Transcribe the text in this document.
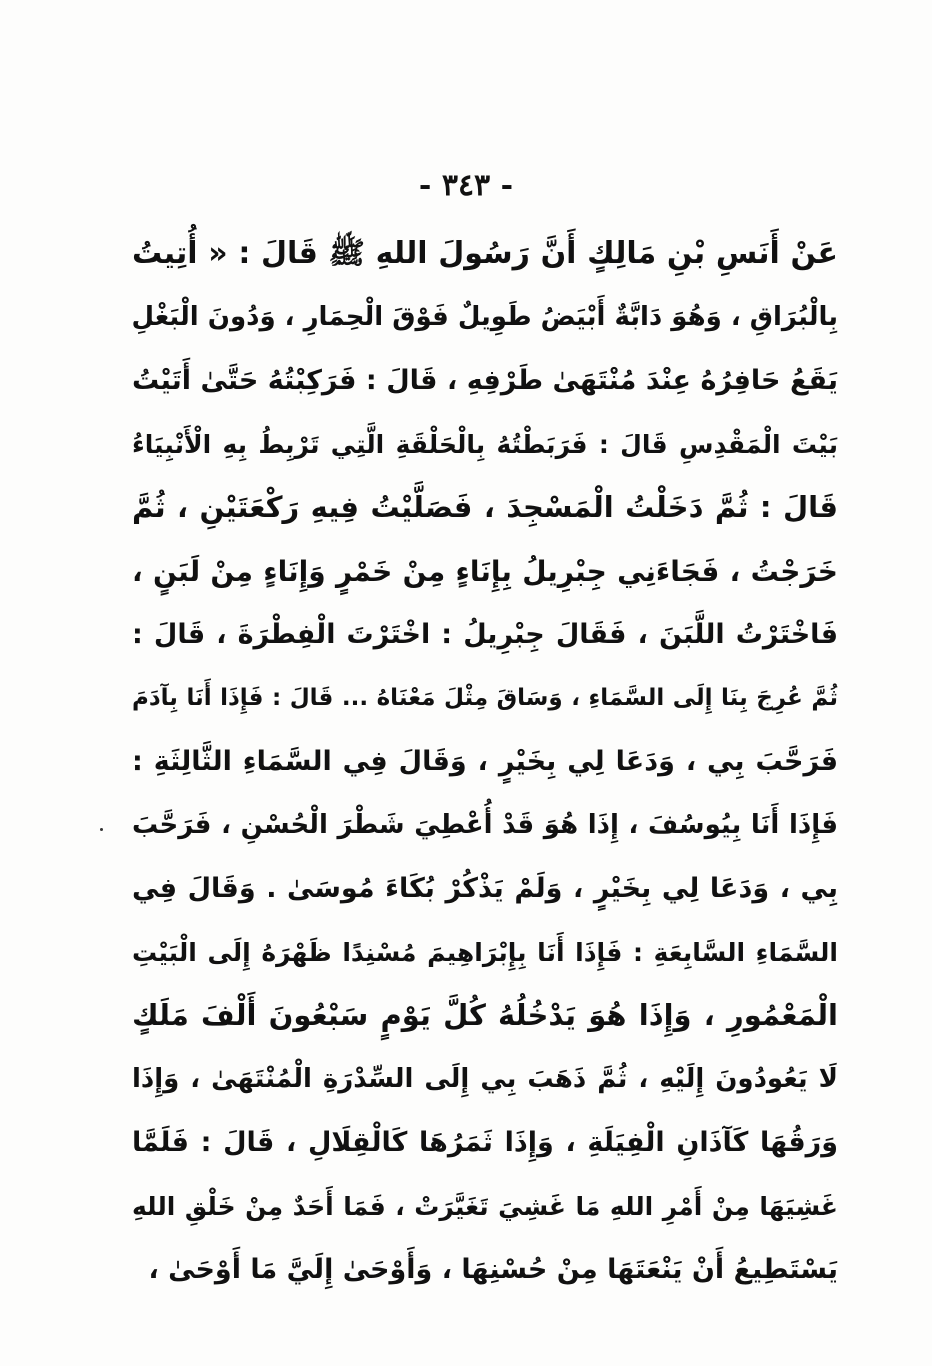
- ٣٤٣ -
عَنْ أَنَسِ بْنِ مَالِكٍ أَنَّ رَسُولَ اللهِ ﷺ قَالَ : « أُتِيتُ
بِالْبُرَاقِ ، وَهُوَ دَابَّةٌ أَبْيَضُ طَوِيلٌ فَوْقَ الْحِمَارِ ، وَدُونَ الْبَغْلِ
يَقَعُ حَافِرُهُ عِنْدَ مُنْتَهَىٰ طَرْفِهِ ، قَالَ : فَرَكِبْتُهُ حَتَّىٰ أَتَيْتُ
بَيْتَ الْمَقْدِسِ قَالَ : فَرَبَطْتُهُ بِالْحَلْقَةِ الَّتِي تَرْبِطُ بِهِ الْأَنْبِيَاءُ
قَالَ : ثُمَّ دَخَلْتُ الْمَسْجِدَ ، فَصَلَّيْتُ فِيهِ رَكْعَتَيْنِ ، ثُمَّ
خَرَجْتُ ، فَجَاءَنِي جِبْرِيلُ بِإِنَاءٍ مِنْ خَمْرٍ وَإِنَاءٍ مِنْ لَبَنٍ ،
فَاخْتَرْتُ اللَّبَنَ ، فَقَالَ جِبْرِيلُ : اخْتَرْتَ الْفِطْرَةَ ، قَالَ :
ثُمَّ عُرِجَ بِنَا إِلَى السَّمَاءِ ، وَسَاقَ مِثْلَ مَعْنَاهُ ... قَالَ : فَإِذَا أَنَا بِآدَمَ
فَرَحَّبَ بِي ، وَدَعَا لِي بِخَيْرٍ ، وَقَالَ فِي السَّمَاءِ الثَّالِثَةِ :
فَإِذَا أَنَا بِيُوسُفَ ، إِذَا هُوَ قَدْ أُعْطِيَ شَطْرَ الْحُسْنِ ، فَرَحَّبَ
بِي ، وَدَعَا لِي بِخَيْرٍ ، وَلَمْ يَذْكُرْ بُكَاءَ مُوسَىٰ . وَقَالَ فِي
السَّمَاءِ السَّابِعَةِ : فَإِذَا أَنَا بِإِبْرَاهِيمَ مُسْنِدًا ظَهْرَهُ إِلَى الْبَيْتِ
الْمَعْمُورِ ، وَإِذَا هُوَ يَدْخُلُهُ كُلَّ يَوْمٍ سَبْعُونَ أَلْفَ مَلَكٍ
لَا يَعُودُونَ إِلَيْهِ ، ثُمَّ ذَهَبَ بِي إِلَى السِّدْرَةِ الْمُنْتَهَىٰ ، وَإِذَا
وَرَقُهَا كَآذَانِ الْفِيَلَةِ ، وَإِذَا ثَمَرُهَا كَالْقِلَالِ ، قَالَ : فَلَمَّا
غَشِيَهَا مِنْ أَمْرِ اللهِ مَا غَشِيَ تَغَيَّرَتْ ، فَمَا أَحَدٌ مِنْ خَلْقِ اللهِ
يَسْتَطِيعُ أَنْ يَنْعَتَهَا مِنْ حُسْنِهَا ، وَأَوْحَىٰ إِلَيَّ مَا أَوْحَىٰ ،
